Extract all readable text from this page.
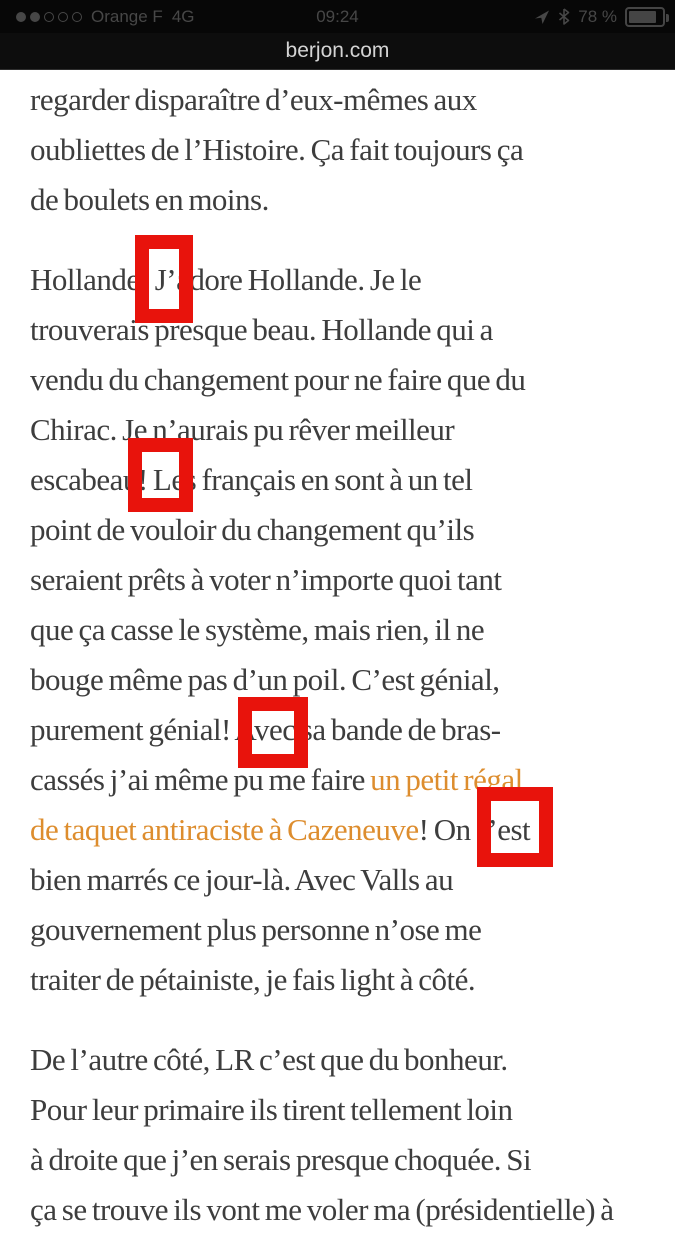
Orange F 4G	09:24	78 %
berjon.com

regarder disparaître d’eux-mêmes aux
oubliettes de l’Histoire. Ça fait toujours ça
de boulets en moins.

Hollande! J’adore Hollande. Je le
trouverais presque beau. Hollande qui a
vendu du changement pour ne faire que du
Chirac. Je n’aurais pu rêver meilleur
escabeau! Les français en sont à un tel
point de vouloir du changement qu’ils
seraient prêts à voter n’importe quoi tant
que ça casse le système, mais rien, il ne
bouge même pas d’un poil. C’est génial,
purement génial! Avec sa bande de bras-
cassés j’ai même pu me faire un petit régal
de taquet antiraciste à Cazeneuve! On s’est
bien marrés ce jour-là. Avec Valls au
gouvernement plus personne n’ose me
traiter de pétainiste, je fais light à côté.

De l’autre côté, LR c’est que du bonheur.
Pour leur primaire ils tirent tellement loin
à droite que j’en serais presque choquée. Si
ça se trouve ils vont me voler ma (présidentielle) à
